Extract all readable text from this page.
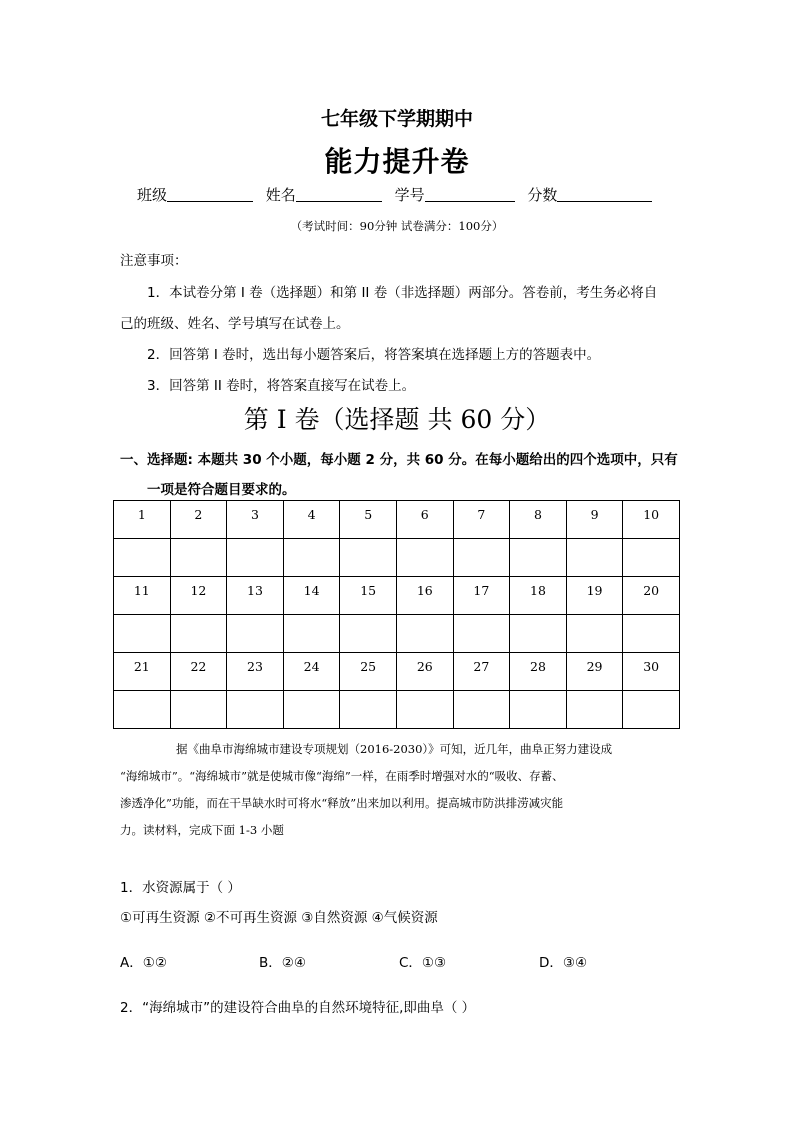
七年级下学期期中
能力提升卷
班级	姓名	学号	分数
（考试时间：90分钟 试卷满分：100分）
注意事项：
1．本试卷分第 I 卷（选择题）和第 II 卷（非选择题）两部分。答卷前，考生务必将自
己的班级、姓名、学号填写在试卷上。
2．回答第 I 卷时，选出每小题答案后，将答案填在选择题上方的答题表中。
3．回答第 II 卷时，将答案直接写在试卷上。
第 I 卷（选择题 共 60 分）
一、选择题: 本题共 30 个小题，每小题 2 分，共 60 分。在每小题给出的四个选项中，只有
一项是符合题目要求的。
1	2	3	4	5	6	7	8	9	10

11	12	13	14	15	16	17	18	19	20

21	22	23	24	25	26	27	28	29	30

据《曲阜市海绵城市建设专项规划（2016-2030）》可知，近几年，曲阜正努力建设成
“海绵城市”。“海绵城市”就是使城市像“海绵”一样，在雨季时增强对水的“吸收、存蓄、
渗透净化”功能，而在干旱缺水时可将水“释放”出来加以利用。提高城市防洪排涝减灾能
力。读材料，完成下面 1-3 小题
1．水资源属于（ ）
①可再生资源 ②不可再生资源 ③自然资源 ④气候资源
A．①②	B．②④	C．①③	D．③④
2．“海绵城市”的建设符合曲阜的自然环境特征,即曲阜（ ）
